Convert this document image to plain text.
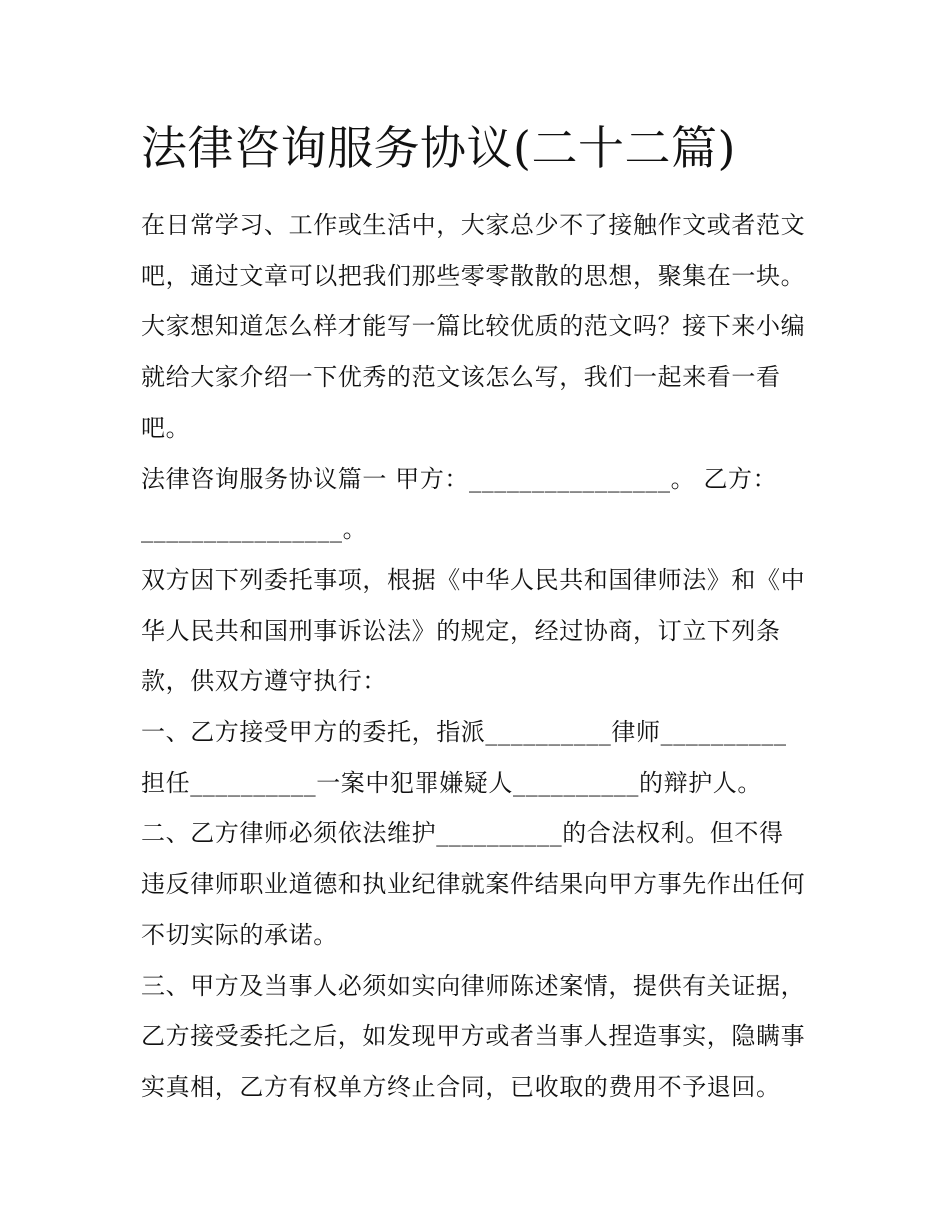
法律咨询服务协议(二十二篇)

在日常学习、工作或生活中，大家总少不了接触作文或者范文
吧，通过文章可以把我们那些零零散散的思想，聚集在一块。
大家想知道怎么样才能写一篇比较优质的范文吗？接下来小编
就给大家介绍一下优秀的范文该怎么写，我们一起来看一看
吧。

法律咨询服务协议篇一 甲方：________________。 乙方：
________________。

双方因下列委托事项，根据《中华人民共和国律师法》和《中
华人民共和国刑事诉讼法》的规定，经过协商，订立下列条
款，供双方遵守执行：

一、乙方接受甲方的委托，指派__________律师__________
担任__________一案中犯罪嫌疑人__________的辩护人。

二、乙方律师必须依法维护__________的合法权利。但不得
违反律师职业道德和执业纪律就案件结果向甲方事先作出任何
不切实际的承诺。

三、甲方及当事人必须如实向律师陈述案情，提供有关证据，
乙方接受委托之后，如发现甲方或者当事人捏造事实，隐瞒事
实真相，乙方有权单方终止合同，已收取的费用不予退回。
